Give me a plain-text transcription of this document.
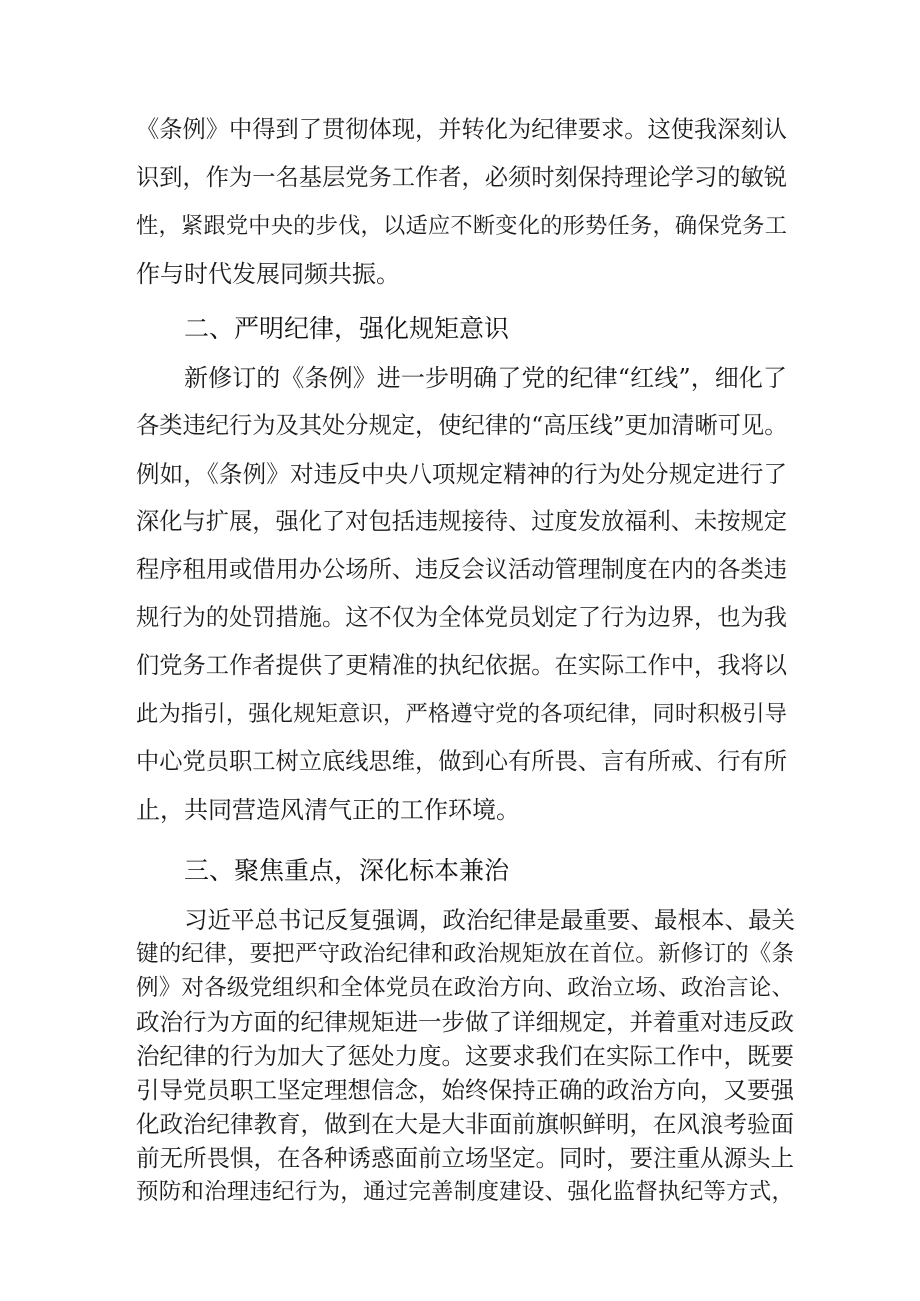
《条例》中得到了贯彻体现，并转化为纪律要求。这使我深刻认
识到，作为一名基层党务工作者，必须时刻保持理论学习的敏锐
性，紧跟党中央的步伐，以适应不断变化的形势任务，确保党务工
作与时代发展同频共振。
二、严明纪律，强化规矩意识
新修订的《条例》进一步明确了党的纪律“红线”，细化了
各类违纪行为及其处分规定，使纪律的“高压线”更加清晰可见。
例如，《条例》对违反中央八项规定精神的行为处分规定进行了
深化与扩展，强化了对包括违规接待、过度发放福利、未按规定
程序租用或借用办公场所、违反会议活动管理制度在内的各类违
规行为的处罚措施。这不仅为全体党员划定了行为边界，也为我
们党务工作者提供了更精准的执纪依据。在实际工作中，我将以
此为指引，强化规矩意识，严格遵守党的各项纪律，同时积极引导
中心党员职工树立底线思维，做到心有所畏、言有所戒、行有所
止，共同营造风清气正的工作环境。
三、聚焦重点，深化标本兼治
习近平总书记反复强调，政治纪律是最重要、最根本、最关
键的纪律，要把严守政治纪律和政治规矩放在首位。新修订的《条
例》对各级党组织和全体党员在政治方向、政治立场、政治言论、
政治行为方面的纪律规矩进一步做了详细规定，并着重对违反政
治纪律的行为加大了惩处力度。这要求我们在实际工作中，既要
引导党员职工坚定理想信念，始终保持正确的政治方向，又要强
化政治纪律教育，做到在大是大非面前旗帜鲜明，在风浪考验面
前无所畏惧，在各种诱惑面前立场坚定。同时，要注重从源头上
预防和治理违纪行为，通过完善制度建设、强化监督执纪等方式，
